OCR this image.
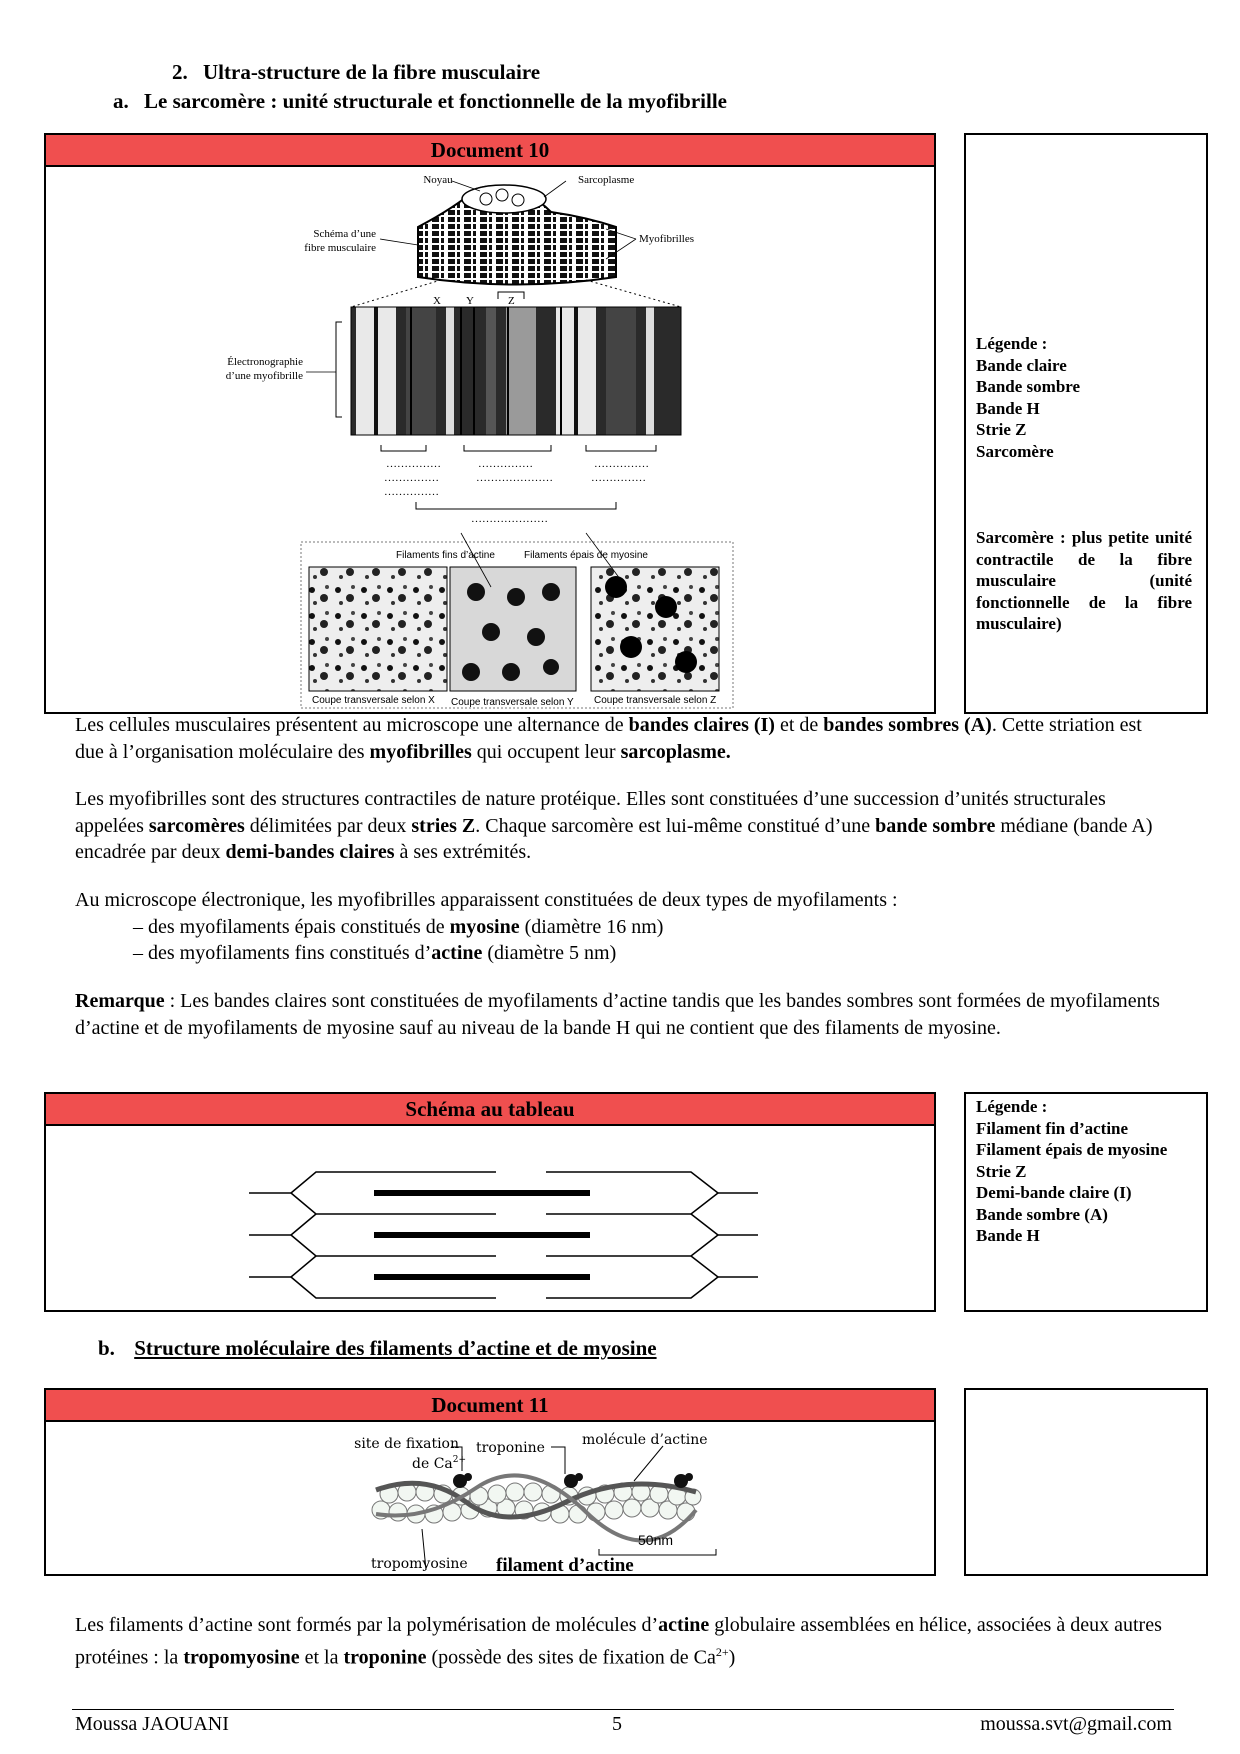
2. Ultra-structure de la fibre musculaire
a. Le sarcomère : unité structurale et fonctionnelle de la myofibrille
Document 10
Noyau	Sarcoplasme
Schéma d’une
fibre musculaire
Myofibrilles
Électronographie
d’une myofibrille
X Y	Z
……………
……………
……………
……………
…………………
……………
……………
…………………
Filaments fins d’actine	Filaments épais de myosine
Coupe transversale selon X Coupe transversale selon Y Coupe transversale selon Z
Légende :
Bande claire
Bande sombre
Bande H
Strie Z
Sarcomère
Sarcomère : plus petite unité contractile de la fibre musculaire (unité fonctionnelle de la fibre musculaire)
Les cellules musculaires présentent au microscope une alternance de bandes claires (I) et de bandes sombres (A). Cette striation est due à l’organisation moléculaire des myofibrilles qui occupent leur sarcoplasme.
Les myofibrilles sont des structures contractiles de nature protéique. Elles sont constituées d’une succession d’unités structurales appelées sarcomères délimitées par deux stries Z. Chaque sarcomère est lui-même constitué d’une bande sombre médiane (bande A) encadrée par deux demi-bandes claires à ses extrémités.
Au microscope électronique, les myofibrilles apparaissent constituées de deux types de myofilaments :
– des myofilaments épais constitués de myosine (diamètre 16 nm)
– des myofilaments fins constitués d’actine (diamètre 5 nm)
Remarque : Les bandes claires sont constituées de myofilaments d’actine tandis que les bandes sombres sont formées de myofilaments d’actine et de myofilaments de myosine sauf au niveau de la bande H qui ne contient que des filaments de myosine.
Schéma au tableau	Légende :
Filament fin d’actine
Filament épais de myosine
Strie Z
Demi-bande claire (I)
Bande sombre (A)
Bande H
b. Structure moléculaire des filaments d’actine et de myosine
Document 11
site de fixation
de $Ca^{2+}$
troponine	molécule d’actine
tropomyosine
50nm
filament d’actine
Les filaments d’actine sont formés par la polymérisation de molécules d’actine globulaire assemblées en hélice, associées à deux autres protéines : la tropomyosine et la troponine (possède des sites de fixation de $Ca^{2+}$)
Moussa JAOUANI	5	moussa.svt@gmail.com
